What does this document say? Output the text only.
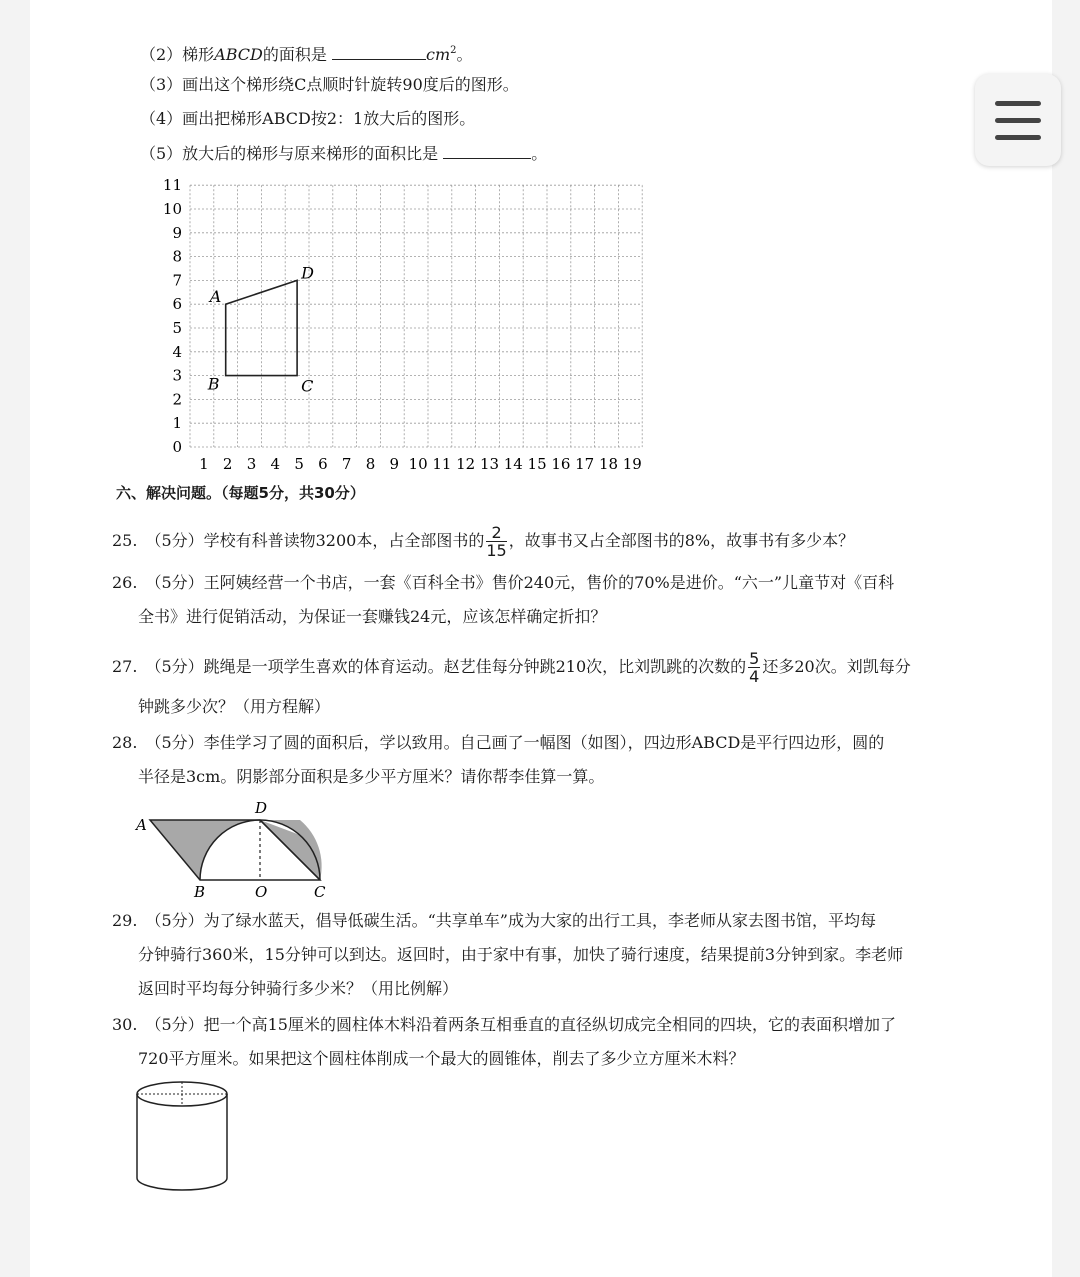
（2）梯形ABCD的面积是	$cm^2$。
（3）画出这个梯形绕C点顺时针旋转90度后的图形。
（4）画出把梯形ABCD按2：1放大后的图形。
（5）放大后的梯形与原来梯形的面积比是	。
0
1
2
3
4
5
6
7
8
9
10
11
1 2 3 4 5 6 7 8 9 10 11 12 13 14 15 16 17 18 19
A
B	C
D
六、解决问题。（每题5分，共30分）
25.　（5分）学校有科普读物3200本，占全部图书的 $\frac{2}{15}$ ，故事书又占全部图书的8%，故事书有多少本？
26.　（5分）王阿姨经营一个书店，一套《百科全书》售价240元，售价的70%是进价。“六一”儿童节对《百科
全书》进行促销活动，为保证一套赚钱24元，应该怎样确定折扣？
27.　（5分）跳绳是一项学生喜欢的体育运动。赵艺佳每分钟跳210次，比刘凯跳的次数的 $\frac{5}{4}$ 还多20次。刘凯每分
钟跳多少次？（用方程解）
28.　（5分）李佳学习了圆的面积后，学以致用。自己画了一幅图（如图），四边形ABCD是平行四边形，圆的
半径是3cm。阴影部分面积是多少平方厘米？请你帮李佳算一算。
A
B	O	C
D
29.　（5分）为了绿水蓝天，倡导低碳生活。“共享单车”成为大家的出行工具，李老师从家去图书馆，平均每
分钟骑行360米，15分钟可以到达。返回时，由于家中有事，加快了骑行速度，结果提前3分钟到家。李老师
返回时平均每分钟骑行多少米？（用比例解）
30.　（5分）把一个高15厘米的圆柱体木料沿着两条互相垂直的直径纵切成完全相同的四块，它的表面积增加了
720平方厘米。如果把这个圆柱体削成一个最大的圆锥体，削去了多少立方厘米木料？
